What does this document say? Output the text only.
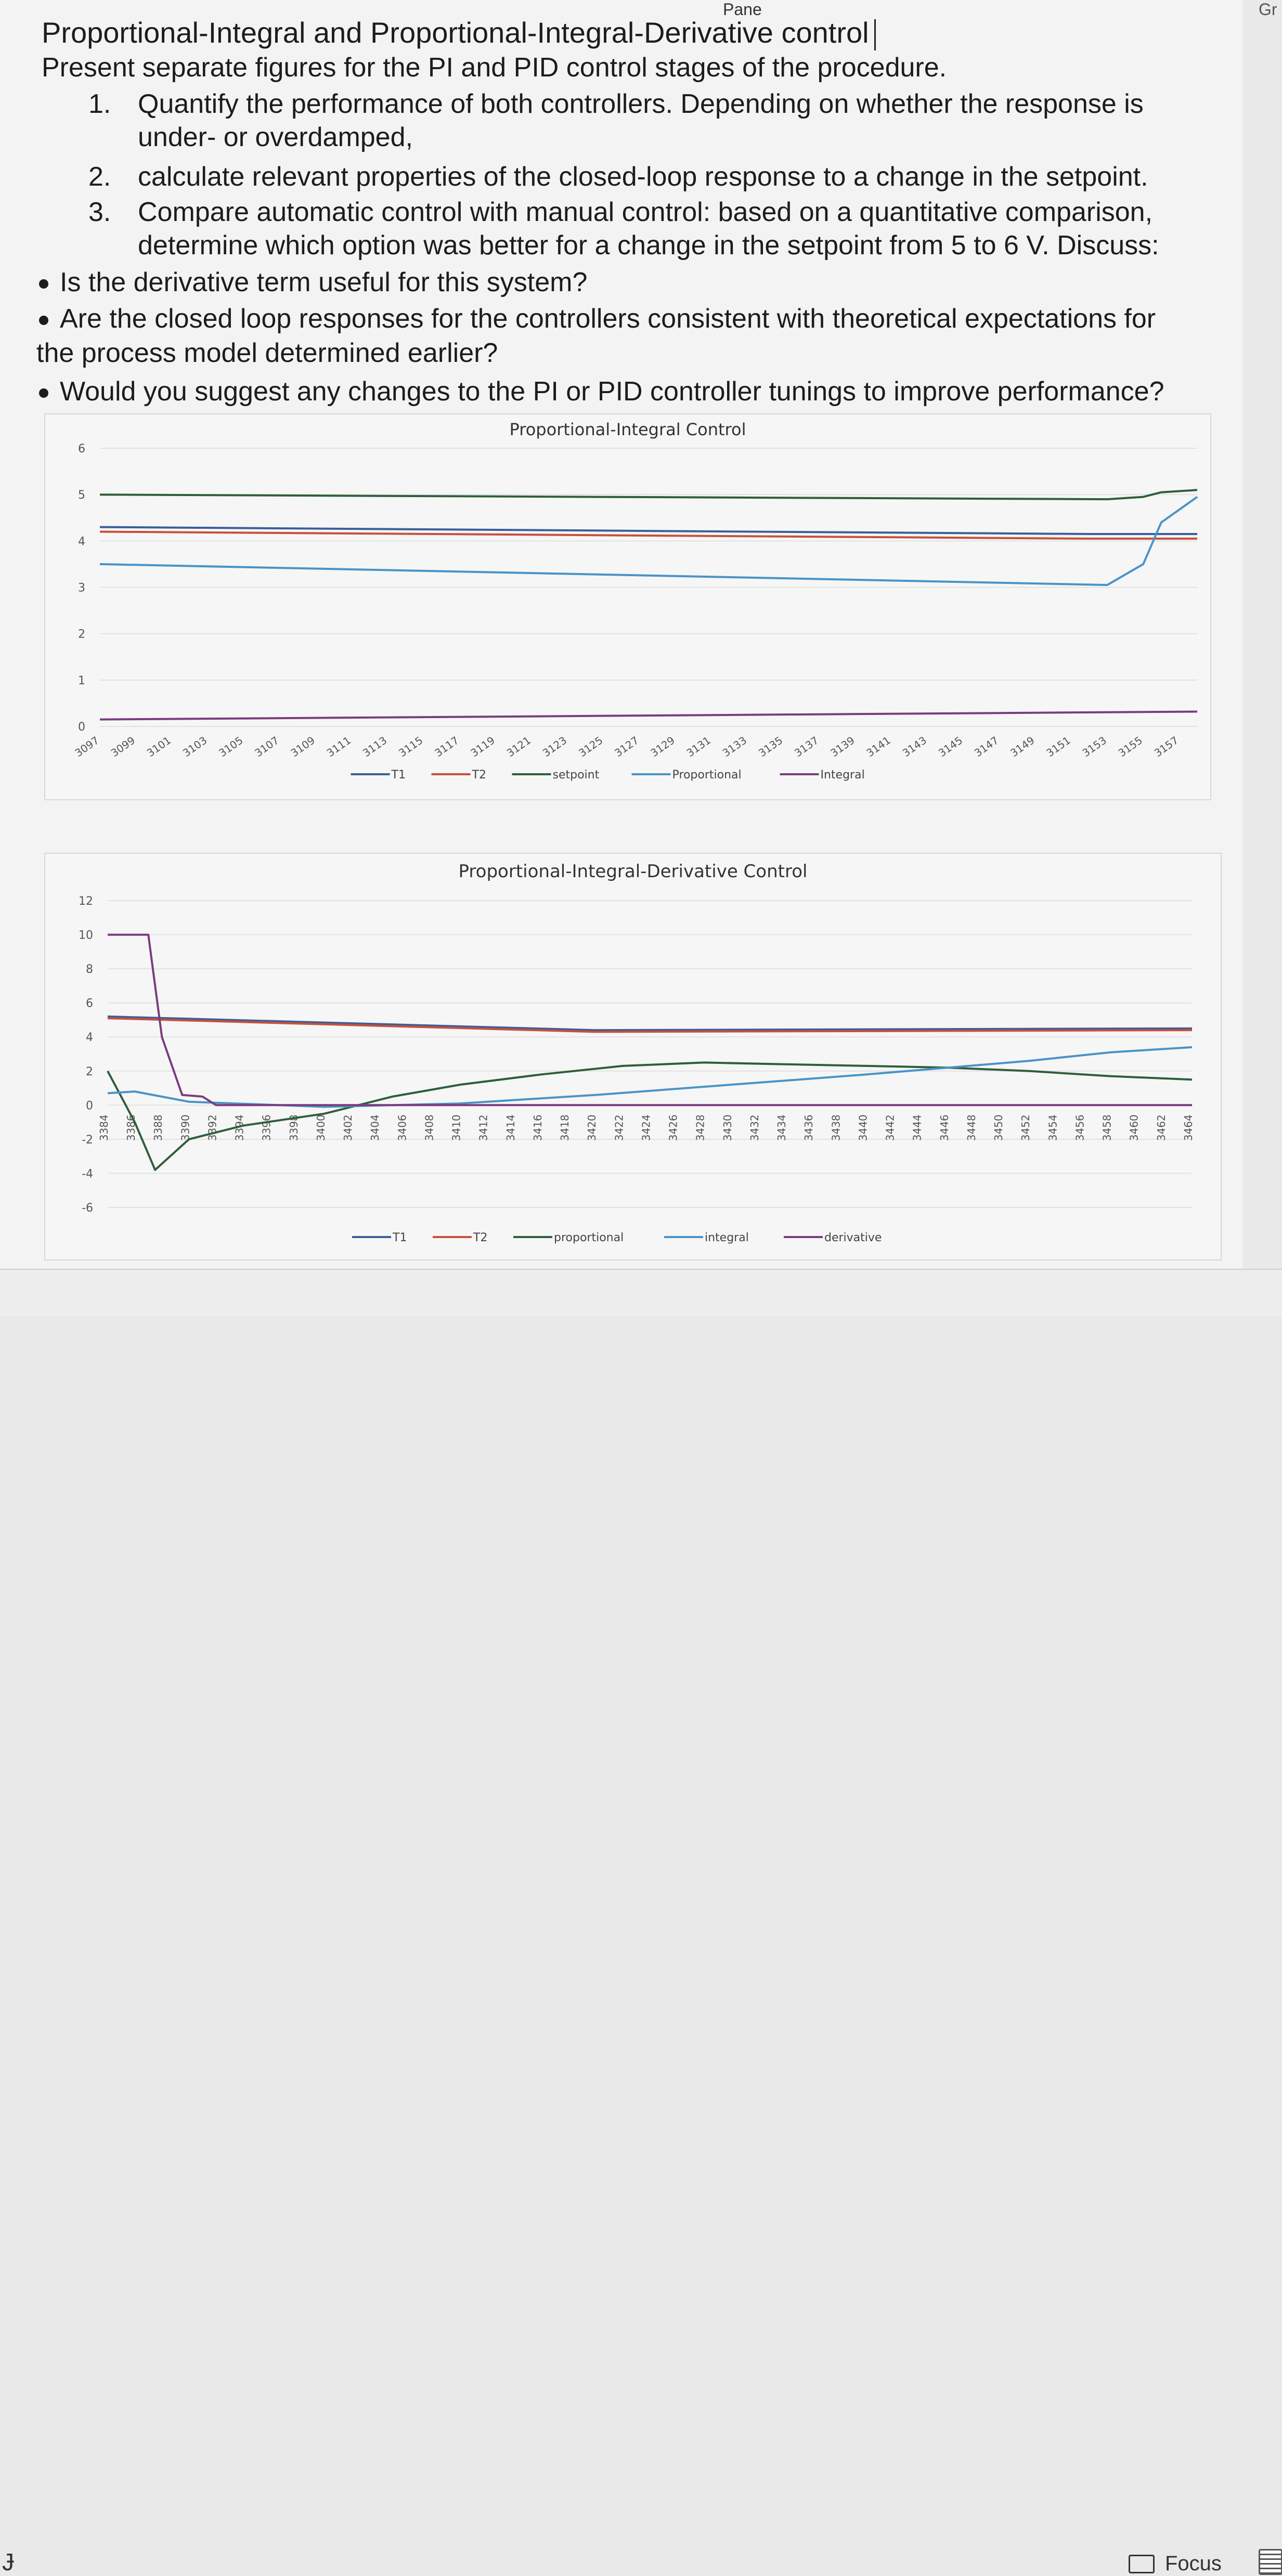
Pane	Gr
Proportional-Integral and Proportional-Integral-Derivative control
Present separate figures for the PI and PID control stages of the procedure.
1. Quantify the performance of both controllers. Depending on whether the response is
under- or overdamped,
2. calculate relevant properties of the closed-loop response to a change in the setpoint.
3. Compare automatic control with manual control: based on a quantitative comparison,
determine which option was better for a change in the setpoint from 5 to 6 V. Discuss:
Is the derivative term useful for this system?
Are the closed loop responses for the controllers consistent with theoretical expectations for
the process model determined earlier?
Would you suggest any changes to the PI or PID controller tunings to improve performance?
Proportional-Integral Control
0
1
2
3
4
5
6
3097 3099 3101 3103 3105 3107 3109 3111 3113 3115 3117 3119 3121 3123 3125 3127 3129 3131 3133 3135 3137 3139 3141 3143 3145 3147 3149 3151 3153 3155 3157
T1	T2	setpoint	Proportional	Integral
Proportional-Integral-Derivative Control
-6
-4
-2
0
2
4
6
8
10
12
3384 3386 3388 3390 3392 3394 3396 3398 3400 3402 3404 3406 3408 3410 3412 3414 3416 3418 3420 3422 3424 3426 3428 3430 3432 3434 3436 3438 3440 3442 3444 3446 3448 3450 3452 3454 3456 3458 3460 3462 3464
T1	T2	proportional	integral	derivative
Ɉ	Focus
